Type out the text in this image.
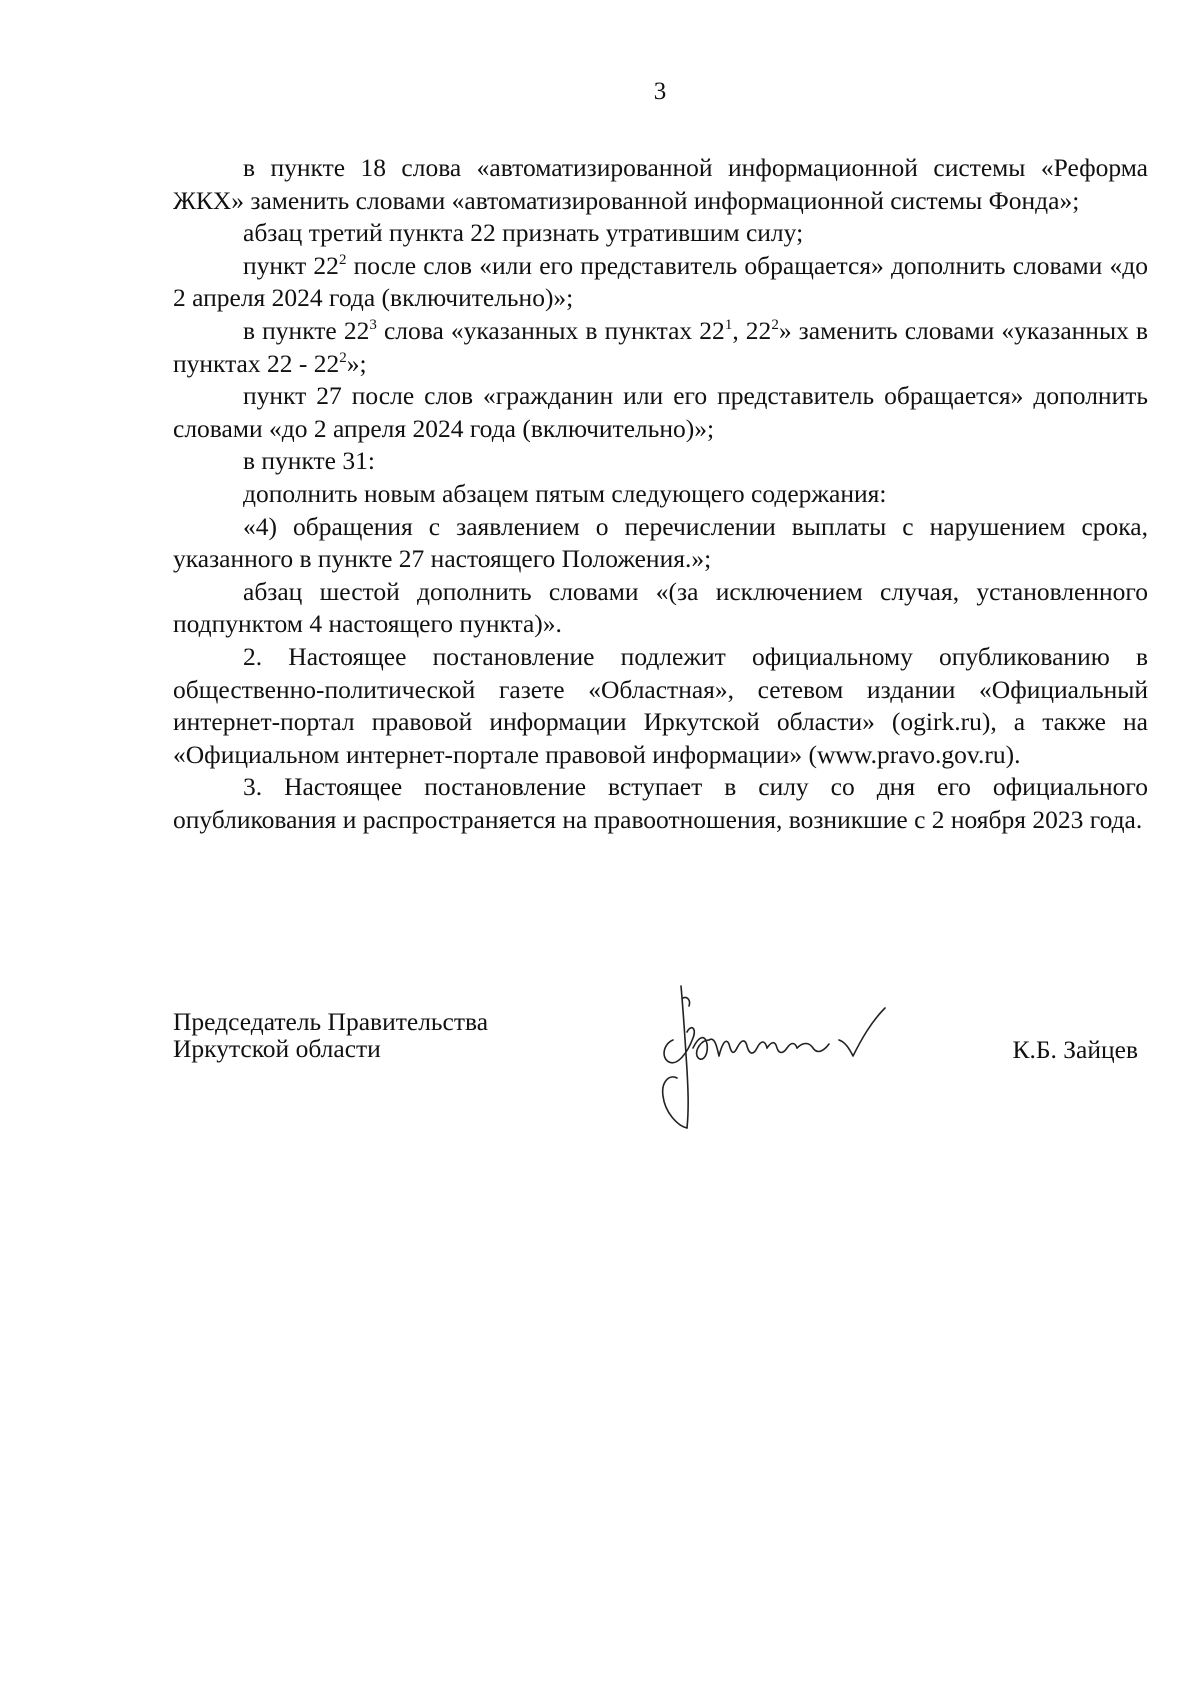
3

в пункте 18 слова «автоматизированной информационной системы «Реформа ЖКХ» заменить словами «автоматизированной информационной системы Фонда»;

абзац третий пункта 22 признать утратившим силу;

пункт $22^2$ после слов «или его представитель обращается» дополнить словами «до 2 апреля 2024 года (включительно)»;

в пункте $22^3$ слова «указанных в пунктах $22^1$, $22^2$» заменить словами «указанных в пунктах $22 - 22^2$»;

пункт 27 после слов «гражданин или его представитель обращается» дополнить словами «до 2 апреля 2024 года (включительно)»;

в пункте 31:

дополнить новым абзацем пятым следующего содержания:

«4) обращения с заявлением о перечислении выплаты с нарушением срока, указанного в пункте 27 настоящего Положения.»;

абзац шестой дополнить словами «(за исключением случая, установленного подпунктом 4 настоящего пункта)».

2. Настоящее постановление подлежит официальному опубликованию в общественно-политической газете «Областная», сетевом издании «Официальный интернет-портал правовой информации Иркутской области» (ogirk.ru), а также на «Официальном интернет-портале правовой информации» (www.pravo.gov.ru).

3. Настоящее постановление вступает в силу со дня его официального опубликования и распространяется на правоотношения, возникшие с 2 ноября 2023 года.

Председатель Правительства
Иркутской области	К.Б. Зайцев
